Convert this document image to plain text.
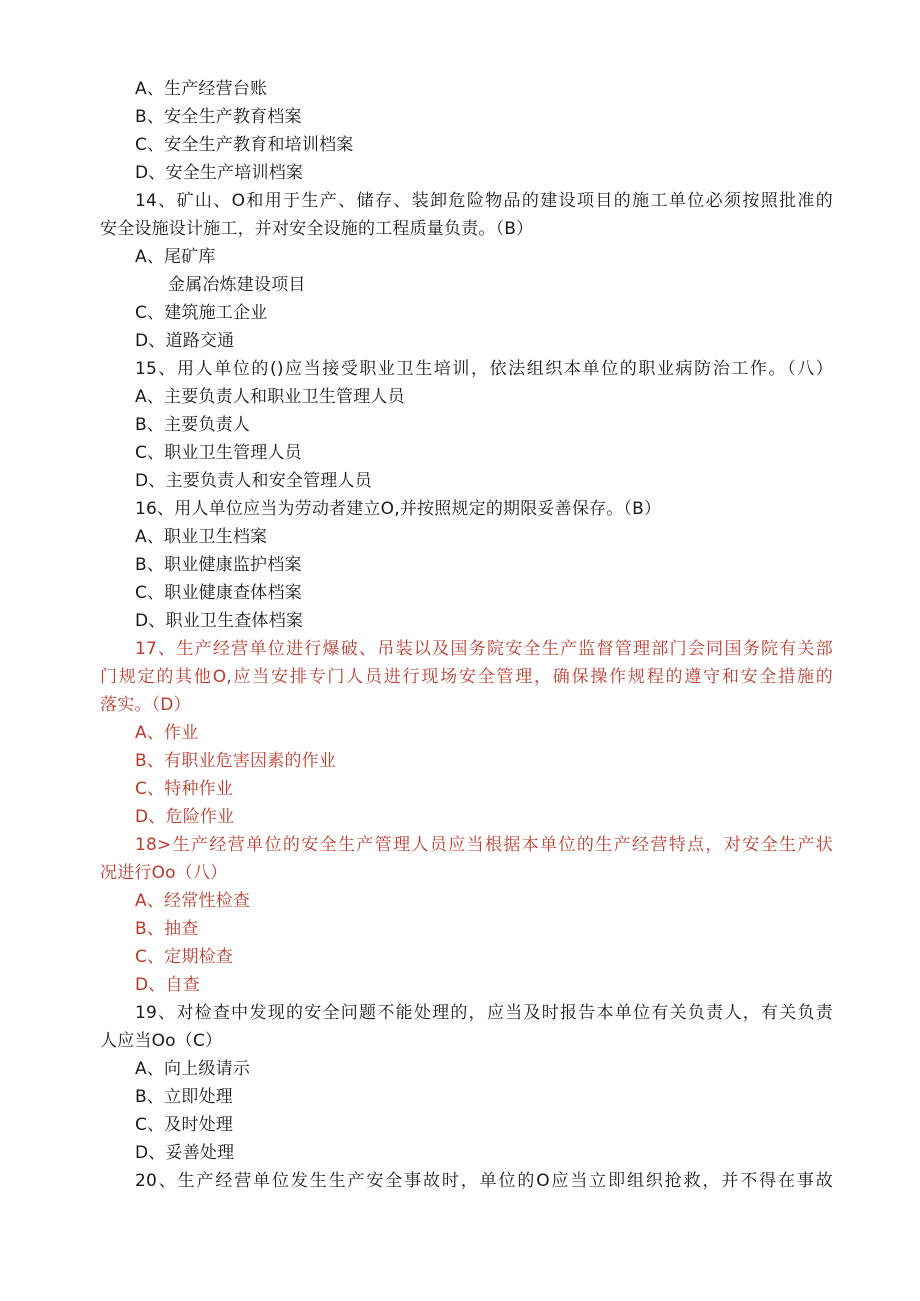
A、生产经营台账
B、安全生产教育档案
C、安全生产教育和培训档案
D、安全生产培训档案
14、矿山、O和用于生产、储存、装卸危险物品的建设项目的施工单位必须按照批准的
安全设施设计施工，并对安全设施的工程质量负责。（B）
A、尾矿库
金属冶炼建设项目
C、建筑施工企业
D、道路交通
15、用人单位的()应当接受职业卫生培训，依法组织本单位的职业病防治工作。（八）
A、主要负责人和职业卫生管理人员
B、主要负责人
C、职业卫生管理人员
D、主要负责人和安全管理人员
16、用人单位应当为劳动者建立O,并按照规定的期限妥善保存。（B）
A、职业卫生档案
B、职业健康监护档案
C、职业健康查体档案
D、职业卫生查体档案
17、生产经营单位进行爆破、吊装以及国务院安全生产监督管理部门会同国务院有关部
门规定的其他O,应当安排专门人员进行现场安全管理，确保操作规程的遵守和安全措施的
落实。（D）
A、作业
B、有职业危害因素的作业
C、特种作业
D、危险作业
18>生产经营单位的安全生产管理人员应当根据本单位的生产经营特点，对安全生产状
况进行Oo（八）
A、经常性检查
B、抽查
C、定期检查
D、自查
19、对检查中发现的安全问题不能处理的，应当及时报告本单位有关负责人，有关负责
人应当Oo（C）
A、向上级请示
B、立即处理
C、及时处理
D、妥善处理
20、生产经营单位发生生产安全事故时，单位的O应当立即组织抢救，并不得在事故
